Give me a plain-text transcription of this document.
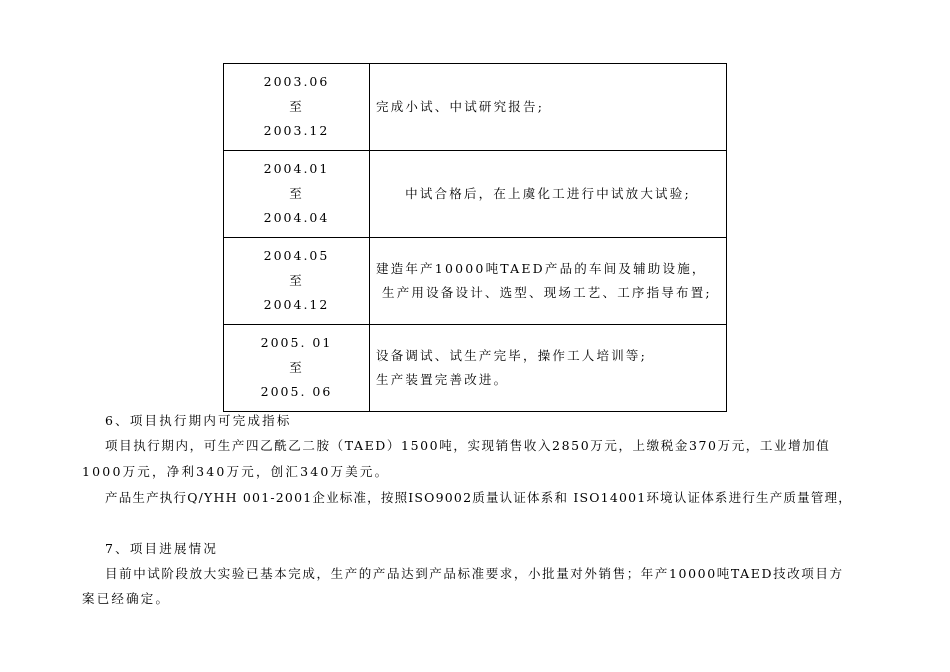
2003.06
至
2003.12	完成小试、中试研究报告;

2004.01
至
2004.04	中试合格后，在上虞化工进行中试放大试验;

2004.05
至
2004.12	建造年产10000吨TAED产品的车间及辅助设施，
生产用设备设计、选型、现场工艺、工序指导布置;

2005. 01
至
2005. 06	设备调试、试生产完毕，操作工人培训等;
生产装置完善改进。
6、项目执行期内可完成指标
项目执行期内，可生产四乙酰乙二胺（TAED）1500吨，实现销售收入2850万元，上缴税金370万元，工业增加值
1000万元，净利340万元，创汇340万美元。
产品生产执行Q/YHH 001-2001企业标准，按照ISO9002质量认证体系和 ISO14001环境认证体系进行生产质量管理，
7、项目进展情况
目前中试阶段放大实验已基本完成，生产的产品达到产品标准要求，小批量对外销售；年产10000吨TAED技改项目方
案已经确定。
